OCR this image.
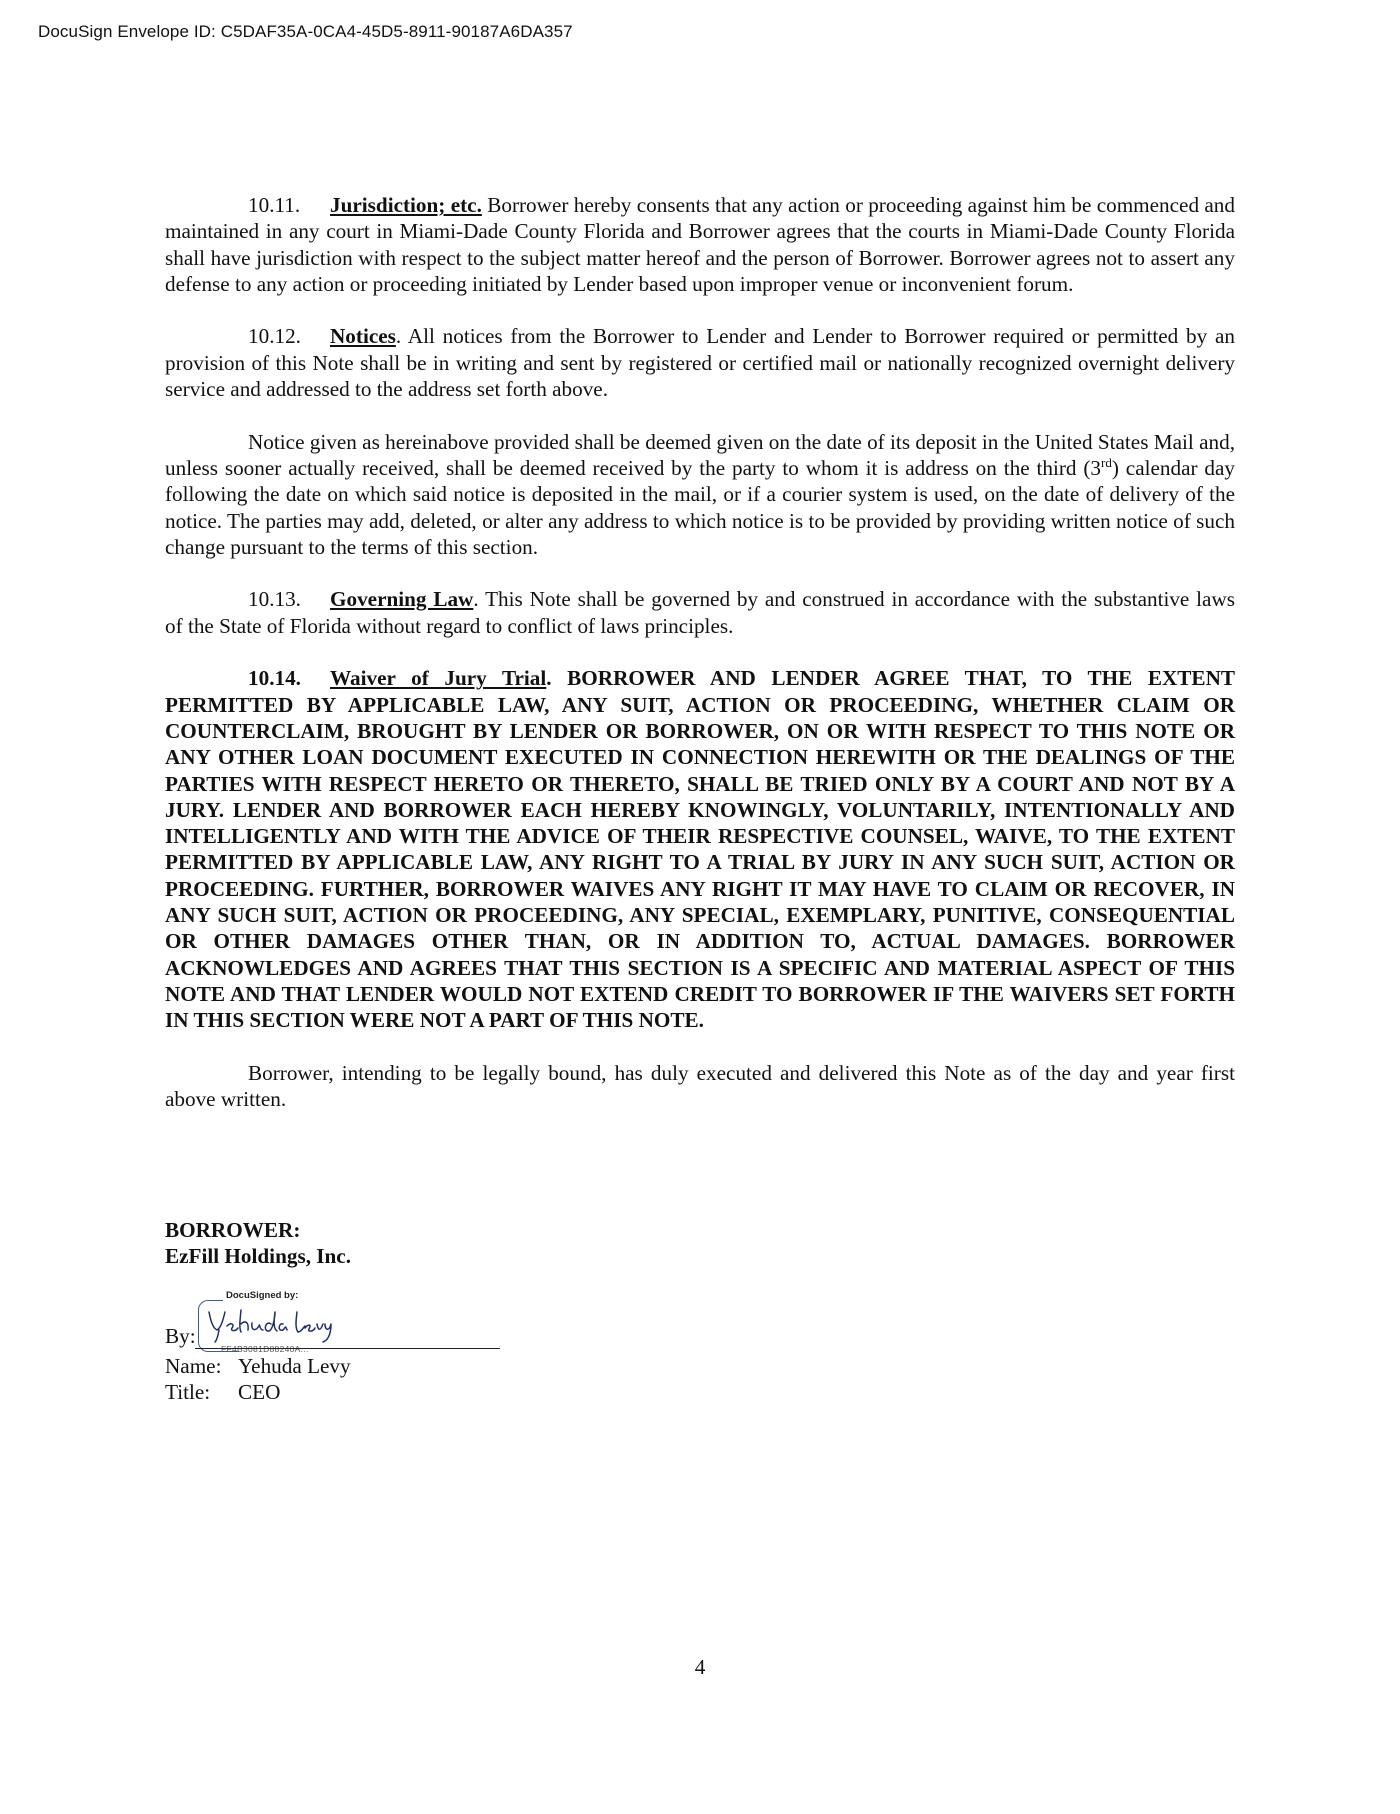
DocuSign Envelope ID: C5DAF35A-0CA4-45D5-8911-90187A6DA357

10.11. Jurisdiction; etc. Borrower hereby consents that any action or proceeding against him be commenced and maintained in any court in Miami-Dade County Florida and Borrower agrees that the courts in Miami-Dade County Florida shall have jurisdiction with respect to the subject matter hereof and the person of Borrower. Borrower agrees not to assert any defense to any action or proceeding initiated by Lender based upon improper venue or inconvenient forum.

10.12. Notices. All notices from the Borrower to Lender and Lender to Borrower required or permitted by an provision of this Note shall be in writing and sent by registered or certified mail or nationally recognized overnight delivery service and addressed to the address set forth above.

Notice given as hereinabove provided shall be deemed given on the date of its deposit in the United States Mail and, unless sooner actually received, shall be deemed received by the party to whom it is address on the third (3rd) calendar day following the date on which said notice is deposited in the mail, or if a courier system is used, on the date of delivery of the notice. The parties may add, deleted, or alter any address to which notice is to be provided by providing written notice of such change pursuant to the terms of this section.

10.13. Governing Law. This Note shall be governed by and construed in accordance with the substantive laws of the State of Florida without regard to conflict of laws principles.

10.14. Waiver of Jury Trial. BORROWER AND LENDER AGREE THAT, TO THE EXTENT PERMITTED BY APPLICABLE LAW, ANY SUIT, ACTION OR PROCEEDING, WHETHER CLAIM OR COUNTERCLAIM, BROUGHT BY LENDER OR BORROWER, ON OR WITH RESPECT TO THIS NOTE OR ANY OTHER LOAN DOCUMENT EXECUTED IN CONNECTION HEREWITH OR THE DEALINGS OF THE PARTIES WITH RESPECT HERETO OR THERETO, SHALL BE TRIED ONLY BY A COURT AND NOT BY A JURY. LENDER AND BORROWER EACH HEREBY KNOWINGLY, VOLUNTARILY, INTENTIONALLY AND INTELLIGENTLY AND WITH THE ADVICE OF THEIR RESPECTIVE COUNSEL, WAIVE, TO THE EXTENT PERMITTED BY APPLICABLE LAW, ANY RIGHT TO A TRIAL BY JURY IN ANY SUCH SUIT, ACTION OR PROCEEDING. FURTHER, BORROWER WAIVES ANY RIGHT IT MAY HAVE TO CLAIM OR RECOVER, IN ANY SUCH SUIT, ACTION OR PROCEEDING, ANY SPECIAL, EXEMPLARY, PUNITIVE, CONSEQUENTIAL OR OTHER DAMAGES OTHER THAN, OR IN ADDITION TO, ACTUAL DAMAGES. BORROWER ACKNOWLEDGES AND AGREES THAT THIS SECTION IS A SPECIFIC AND MATERIAL ASPECT OF THIS NOTE AND THAT LENDER WOULD NOT EXTEND CREDIT TO BORROWER IF THE WAIVERS SET FORTH IN THIS SECTION WERE NOT A PART OF THIS NOTE.

Borrower, intending to be legally bound, has duly executed and delivered this Note as of the day and year first above written.

BORROWER:
EzFill Holdings, Inc.
By:
DocuSigned by:
FF4B3081D88240A...
Name: Yehuda Levy
Title: CEO
4
